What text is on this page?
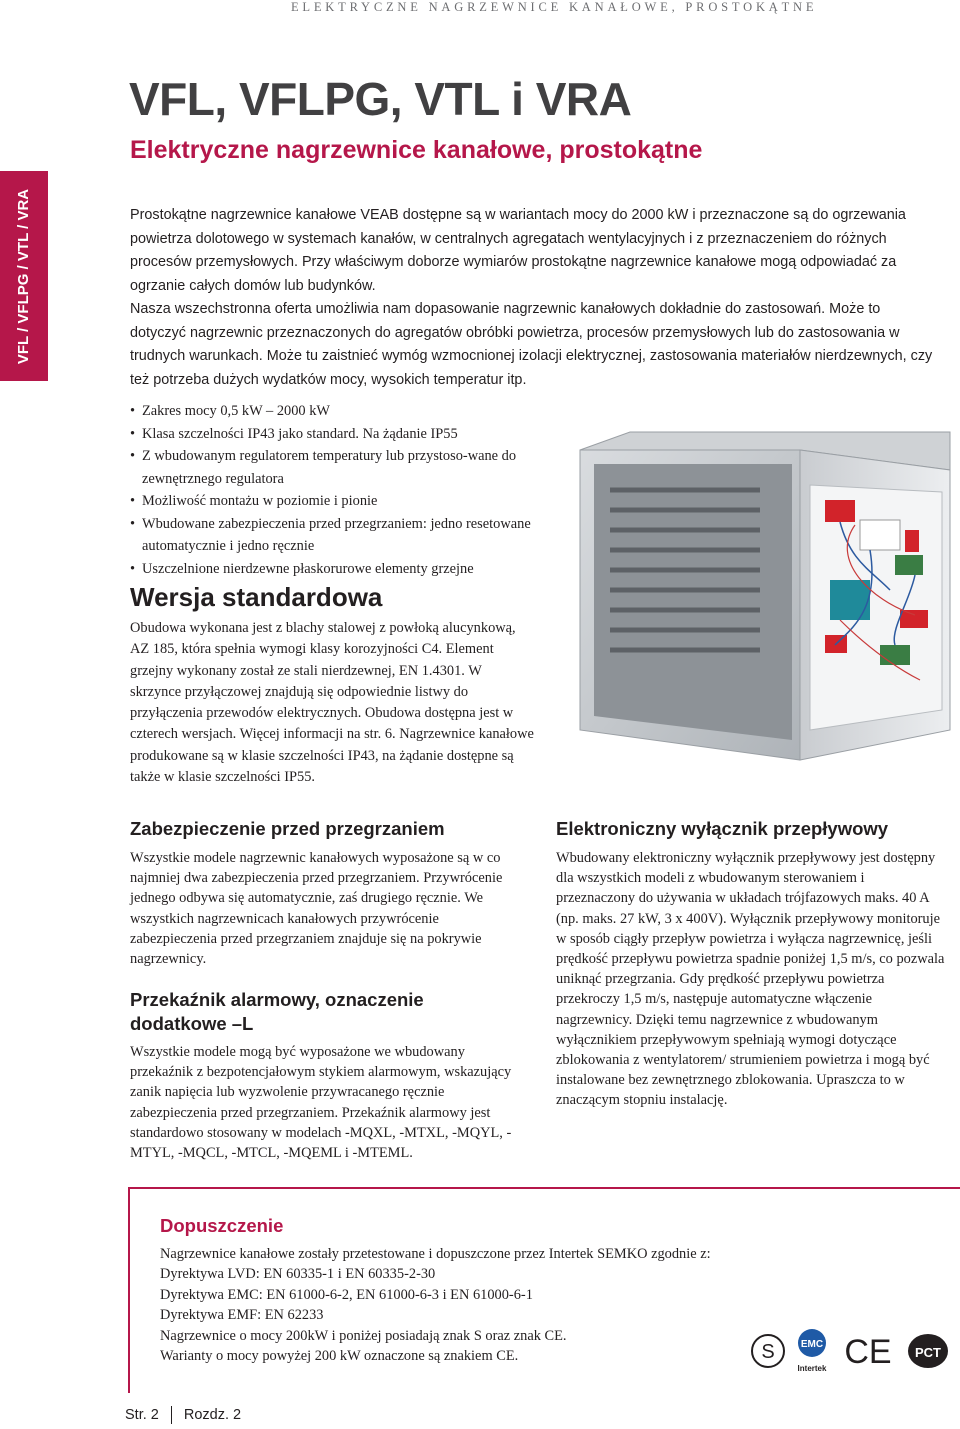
ELEKTRYCZNE NAGRZEWNICE KANAŁOWE, PROSTOKĄTNE
VFL, VFLPG, VTL i VRA
Elektryczne nagrzewnice kanałowe, prostokątne
VFL / VFLPG / VTL / VRA	Prostokątne nagrzewnice kanałowe VEAB dostępne są w wariantach mocy do 2000 kW i przeznaczone są do ogrzewania powietrza dolotowego w systemach kanałów, w centralnych agregatach wentylacyjnych i z przeznaczeniem do różnych procesów przemysłowych. Przy właściwym doborze wymiarów prostokątne nagrzewnice kanałowe mogą odpowiadać za ogrzanie całych domów lub budynków.

Nasza wszechstronna oferta umożliwia nam dopasowanie nagrzewnic kanałowych dokładnie do zastosowań. Może to dotyczyć nagrzewnic przeznaczonych do agregatów obróbki powietrza, procesów przemysłowych lub do zastosowania w trudnych warunkach. Może tu zaistnieć wymóg wzmocnionej izolacji elektrycznej, zastosowania materiałów nierdzewnych, czy też potrzeba dużych wydatków mocy, wysokich temperatur itp.

• Zakres mocy 0,5 kW – 2000 kW
• Klasa szczelności IP43 jako standard. Na żądanie IP55
• Z wbudowanym regulatorem temperatury lub przystoso-wane do zewnętrznego regulatora
• Możliwość montażu w poziomie i pionie
• Wbudowane zabezpieczenia przed przegrzaniem: jedno resetowane automatycznie i jedno ręcznie
• Uszczelnione nierdzewne płaskorurowe elementy grzejne
Wersja standardowa
Obudowa wykonana jest z blachy stalowej z powłoką alucynkową, AZ 185, która spełnia wymogi klasy korozyjności C4. Element grzejny wykonany został ze stali nierdzewnej, EN 1.4301. W skrzynce przyłączowej znajdują się odpowiednie listwy do przyłączenia przewodów elektrycznych. Obudowa dostępna jest w czterech wersjach. Więcej informacji na str. 6. Nagrzewnice kanałowe produkowane są w klasie szczelności IP43, na żądanie dostępne są także w klasie szczelności IP55.
Zabezpieczenie przed przegrzaniem
Wszystkie modele nagrzewnic kanałowych wyposażone są w co najmniej dwa zabezpieczenia przed przegrzaniem. Przywrócenie jednego odbywa się automatycznie, zaś drugiego ręcznie. We wszystkich nagrzewnicach kanałowych przywrócenie zabezpieczenia przed przegrzaniem znajduje się na pokrywie nagrzewnicy.
Przekaźnik alarmowy, oznaczenie dodatkowe –L
Wszystkie modele mogą być wyposażone we wbudowany przekaźnik z bezpotencjałowym stykiem alarmowym, wskazujący zanik napięcia lub wyzwolenie przywracanego ręcznie zabezpieczenia przed przegrzaniem. Przekaźnik alarmowy jest standardowo stosowany w modelach -MQXL, -MTXL, -MQYL, -MTYL, -MQCL, -MTCL, -MQEML i -MTEML.
Elektroniczny wyłącznik przepływowy
Wbudowany elektroniczny wyłącznik przepływowy jest dostępny dla wszystkich modeli z wbudowanym sterowaniem i przeznaczony do używania w układach trójfazowych maks. 40 A (np. maks. 27 kW, 3 x 400V). Wyłącznik przepływowy monitoruje w sposób ciągły przepływ powietrza i wyłącza nagrzewnicę, jeśli prędkość przepływu powietrza spadnie poniżej 1,5 m/s, co pozwala uniknąć przegrzania. Gdy prędkość przepływu powietrza przekroczy 1,5 m/s, następuje automatyczne włączenie nagrzewnicy. Dzięki temu nagrzewnice z wbudowanym wyłącznikiem przepływowym spełniają wymogi dotyczące zblokowania z wentylatorem/ strumieniem powietrza i mogą być instalowane bez zewnętrznego zblokowania. Upraszcza to w znaczącym stopniu instalację.
Dopuszczenie
Nagrzewnice kanałowe zostały przetestowane i dopuszczone przez Intertek SEMKO zgodnie z:
Dyrektywa LVD: EN 60335-1 i EN 60335-2-30
Dyrektywa EMC: EN 61000-6-2, EN 61000-6-3 i EN 61000-6-1
Dyrektywa EMF: EN 62233
Nagrzewnice o mocy 200kW i poniżej posiadają znak S oraz znak CE.
Warianty o mocy powyżej 200 kW oznaczone są znakiem CE.	S	EMC
Intertek CE PCT
Str. 2 Rozdz. 2
